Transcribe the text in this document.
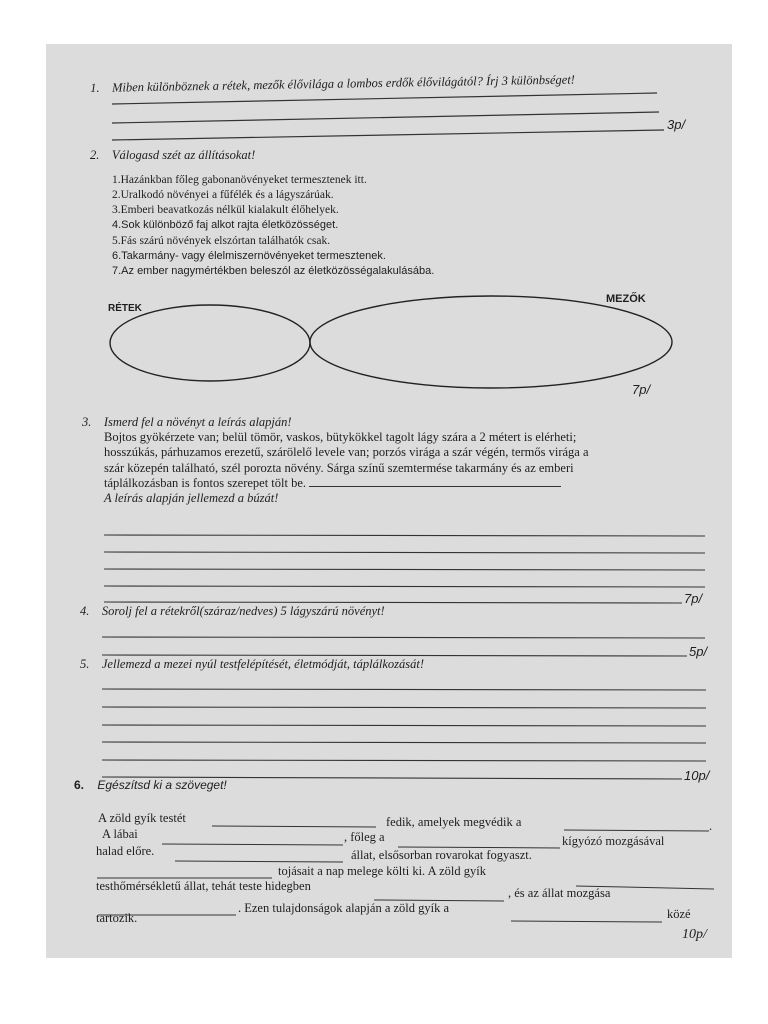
1. Miben különböznek a rétek, mezők élővilága a lombos erdők élővilágától? Írj 3 különbséget!
3p/
2. Válogasd szét az állításokat!
1.Hazánkban főleg gabonanövényeket termesztenek itt.
2.Uralkodó növényei a fűfélék és a lágyszárúak.
3.Emberi beavatkozás nélkül kialakult élőhelyek.
4.Sok különböző faj alkot rajta életközösséget.
5.Fás szárú növények elszórtan találhatók csak.
6.Takarmány- vagy élelmiszernövényeket termesztenek.
7.Az ember nagymértékben beleszól az életközösségalakulásába.
RÉTEK
MEZŐK
7p/
3. Ismerd fel a növényt a leírás alapján!
Bojtos gyökérzete van; belül tömör, vaskos, bütykökkel tagolt lágy szára a 2 métert is elérheti;
hosszúkás, párhuzamos erezetű, szárölelő levele van; porzós virága a szár végén, termős virága a
szár közepén található, szél porozta növény. Sárga színű szemtermése takarmány és az emberi
táplálkozásban is fontos szerepet tölt be.
A leírás alapján jellemezd a búzát!
7p/
4. Sorolj fel a rétekről(száraz/nedves) 5 lágyszárú növényt!
5p/
5. Jellemezd a mezei nyúl testfelépítését, életmódját, táplálkozását!
10p/
6. Egészítsd ki a szöveget!
A zöld gyík testét	fedik, amelyek megvédik a	.
A lábai	, főleg a	kígyózó mozgásával
halad előre.	állat, elsősorban rovarokat fogyaszt.
tojásait a nap melege költi ki. A zöld gyík
testhőmérsékletű állat, tehát teste hidegben	, és az állat mozgása
. Ezen tulajdonságok alapján a zöld gyík a	közé
tartozik.
10p/
